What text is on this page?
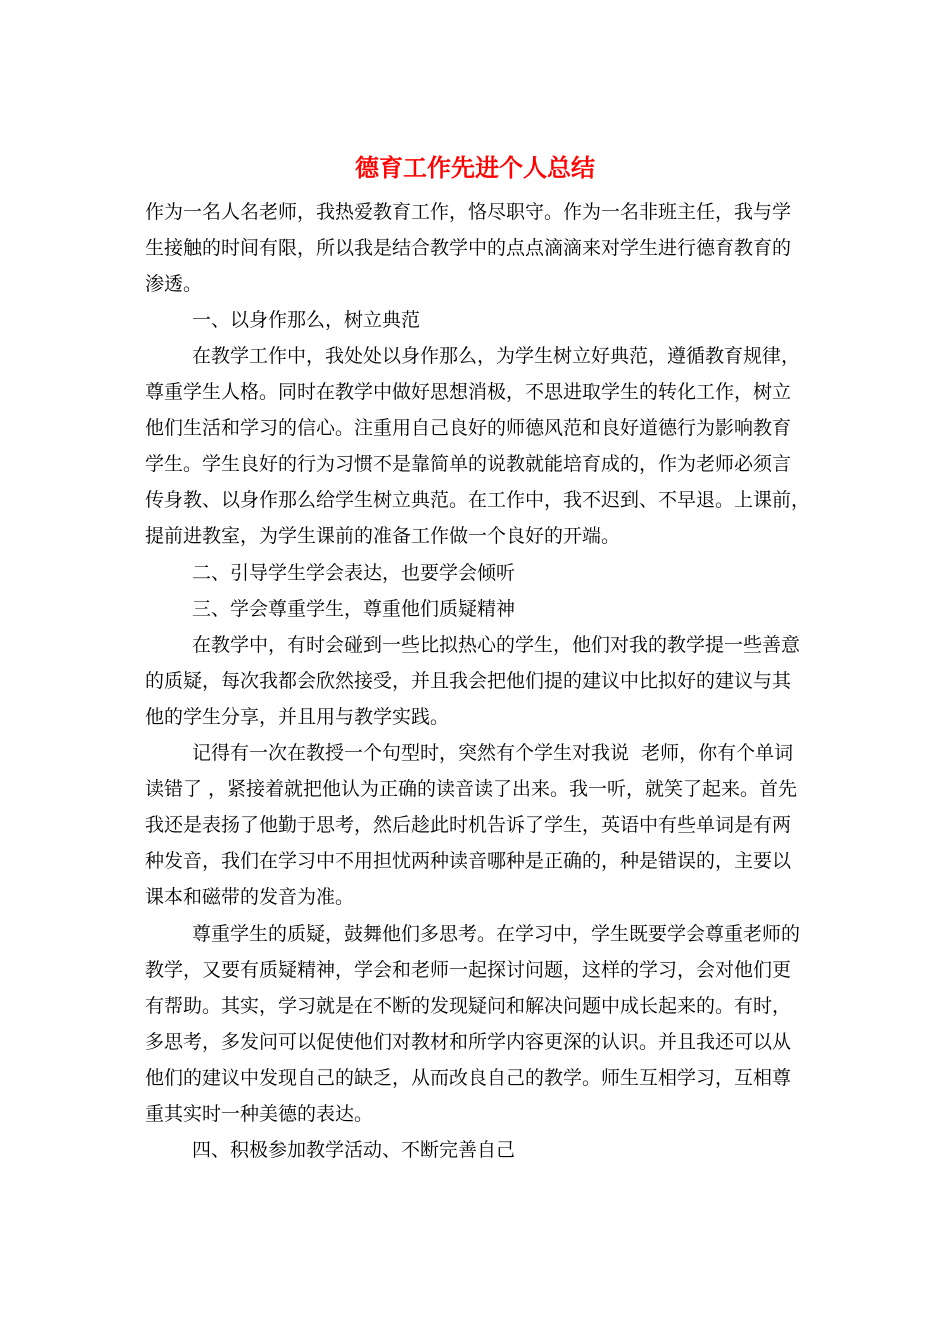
德育工作先进个人总结

作为一名人名老师，我热爱教育工作，恪尽职守。作为一名非班主任，我与学

生接触的时间有限，所以我是结合教学中的点点滴滴来对学生进行德育教育的

渗透。

一、以身作那么，树立典范

在教学工作中，我处处以身作那么，为学生树立好典范，遵循教育规律，

尊重学生人格。同时在教学中做好思想消极，不思进取学生的转化工作，树立

他们生活和学习的信心。注重用自己良好的师德风范和良好道德行为影响教育

学生。学生良好的行为习惯不是靠简单的说教就能培育成的，作为老师必须言

传身教、以身作那么给学生树立典范。在工作中，我不迟到、不早退。上课前，

提前进教室，为学生课前的准备工作做一个良好的开端。

二、引导学生学会表达，也要学会倾听

三、学会尊重学生，尊重他们质疑精神

在教学中，有时会碰到一些比拟热心的学生，他们对我的教学提一些善意

的质疑，每次我都会欣然接受，并且我会把他们提的建议中比拟好的建议与其

他的学生分享，并且用与教学实践。

记得有一次在教授一个句型时，突然有个学生对我说  老师，你有个单词

读错了 ，紧接着就把他认为正确的读音读了出来。我一听，就笑了起来。首先

我还是表扬了他勤于思考，然后趁此时机告诉了学生，英语中有些单词是有两

种发音，我们在学习中不用担忧两种读音哪种是正确的，种是错误的，主要以

课本和磁带的发音为准。

尊重学生的质疑，鼓舞他们多思考。在学习中，学生既要学会尊重老师的

教学，又要有质疑精神，学会和老师一起探讨问题，这样的学习，会对他们更

有帮助。其实，学习就是在不断的发现疑问和解决问题中成长起来的。有时，

多思考，多发问可以促使他们对教材和所学内容更深的认识。并且我还可以从

他们的建议中发现自己的缺乏，从而改良自己的教学。师生互相学习，互相尊

重其实时一种美德的表达。

四、积极参加教学活动、不断完善自己
